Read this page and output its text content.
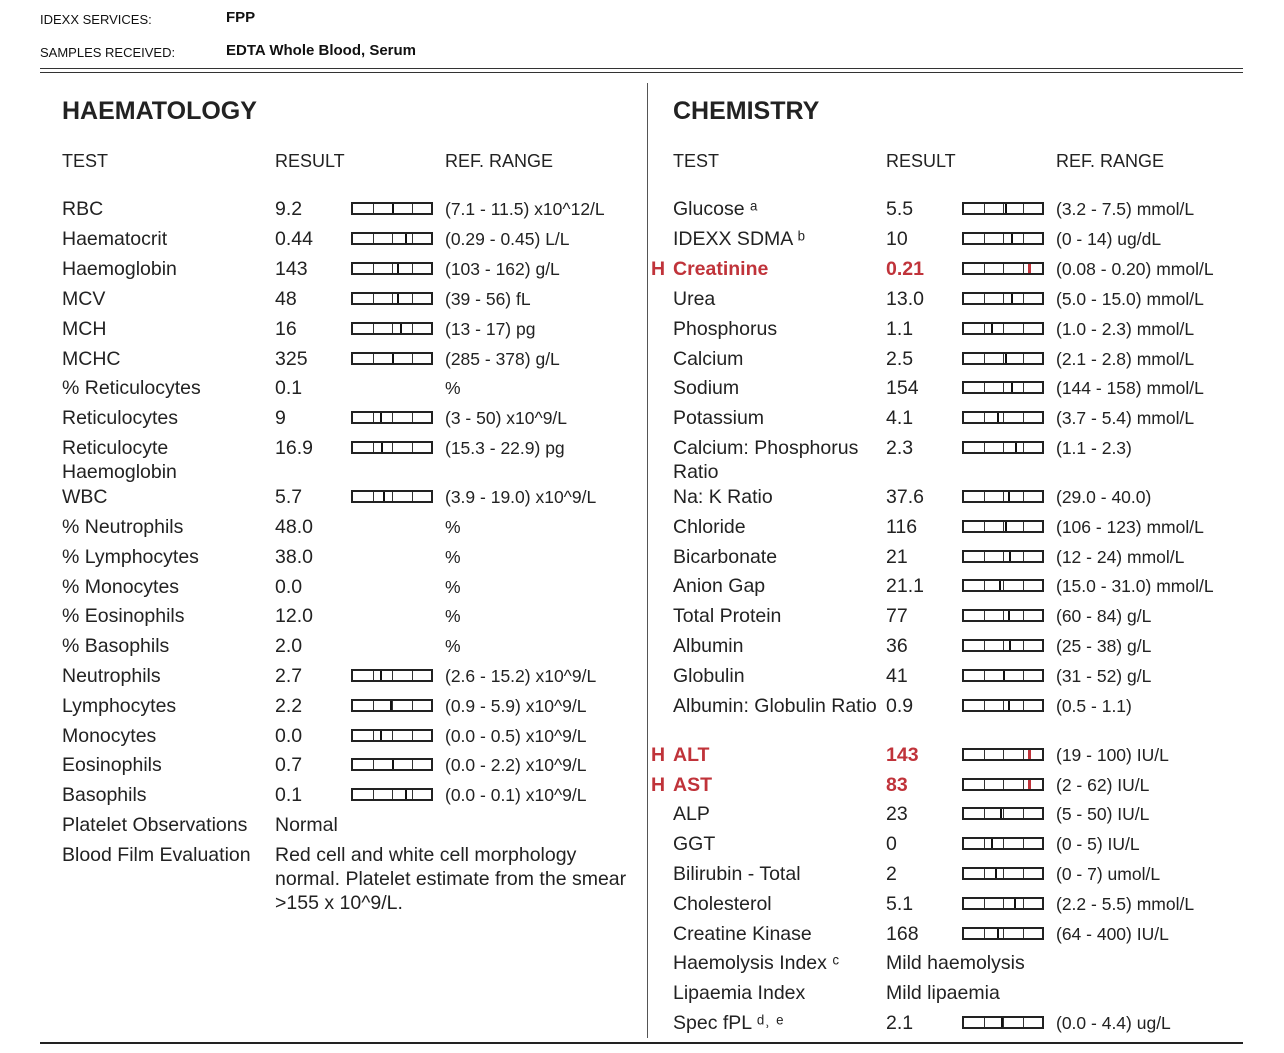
IDEXX SERVICES:	FPP
SAMPLES RECEIVED:	EDTA Whole Blood, Serum
HAEMATOLOGY
TEST	RESULT	REF. RANGE
CHEMISTRY
TEST	RESULT	REF. RANGE
RBC	9.2	(7.1 - 11.5) x10^12/L
Haematocrit	0.44	(0.29 - 0.45) L/L
Haemoglobin	143	(103 - 162) g/L
MCV	48	(39 - 56) fL
MCH	16	(13 - 17) pg
MCHC	325	(285 - 378) g/L
% Reticulocytes	0.1	%
Reticulocytes	9	(3 - 50) x10^9/L
Reticulocyte Haemoglobin
16.9	(15.3 - 22.9) pg
WBC	5.7	(3.9 - 19.0) x10^9/L
% Neutrophils	48.0	%
% Lymphocytes	38.0	%
% Monocytes	0.0	%
% Eosinophils	12.0	%
% Basophils	2.0	%
Neutrophils	2.7	(2.6 - 15.2) x10^9/L
Lymphocytes	2.2	(0.9 - 5.9) x10^9/L
Monocytes	0.0	(0.0 - 0.5) x10^9/L
Eosinophils	0.7	(0.0 - 2.2) x10^9/L
Basophils	0.1	(0.0 - 0.1) x10^9/L
Platelet Observations	Normal
Blood Film Evaluation	Red cell and white cell morphology normal. Platelet estimate from the smear >155 x 10^9/L.
Glucose ᵃ	5.5	(3.2 - 7.5) mmol/L
IDEXX SDMA ᵇ	10	(0 - 14) ug/dL
H Creatinine	0.21	(0.08 - 0.20) mmol/L
Urea	13.0	(5.0 - 15.0) mmol/L
Phosphorus	1.1	(1.0 - 2.3) mmol/L
Calcium	2.5	(2.1 - 2.8) mmol/L
Sodium	154	(144 - 158) mmol/L
Potassium	4.1	(3.7 - 5.4) mmol/L
Calcium: Phosphorus Ratio
2.3	(1.1 - 2.3)
Na: K Ratio	37.6	(29.0 - 40.0)
Chloride	116	(106 - 123) mmol/L
Bicarbonate	21	(12 - 24) mmol/L
Anion Gap	21.1	(15.0 - 31.0) mmol/L
Total Protein	77	(60 - 84) g/L
Albumin	36	(25 - 38) g/L
Globulin	41	(31 - 52) g/L
Albumin: Globulin Ratio 0.9	(0.5 - 1.1)
H ALT	143	(19 - 100) IU/L
H AST	83	(2 - 62) IU/L
ALP	23	(5 - 50) IU/L
GGT	0	(0 - 5) IU/L
Bilirubin - Total	2	(0 - 7) umol/L
Cholesterol	5.1	(2.2 - 5.5) mmol/L
Creatine Kinase	168	(64 - 400) IU/L
Haemolysis Index ᶜ	Mild haemolysis
Lipaemia Index	Mild lipaemia
Spec fPL ᵈ˒ ᵉ	2.1	(0.0 - 4.4) ug/L
